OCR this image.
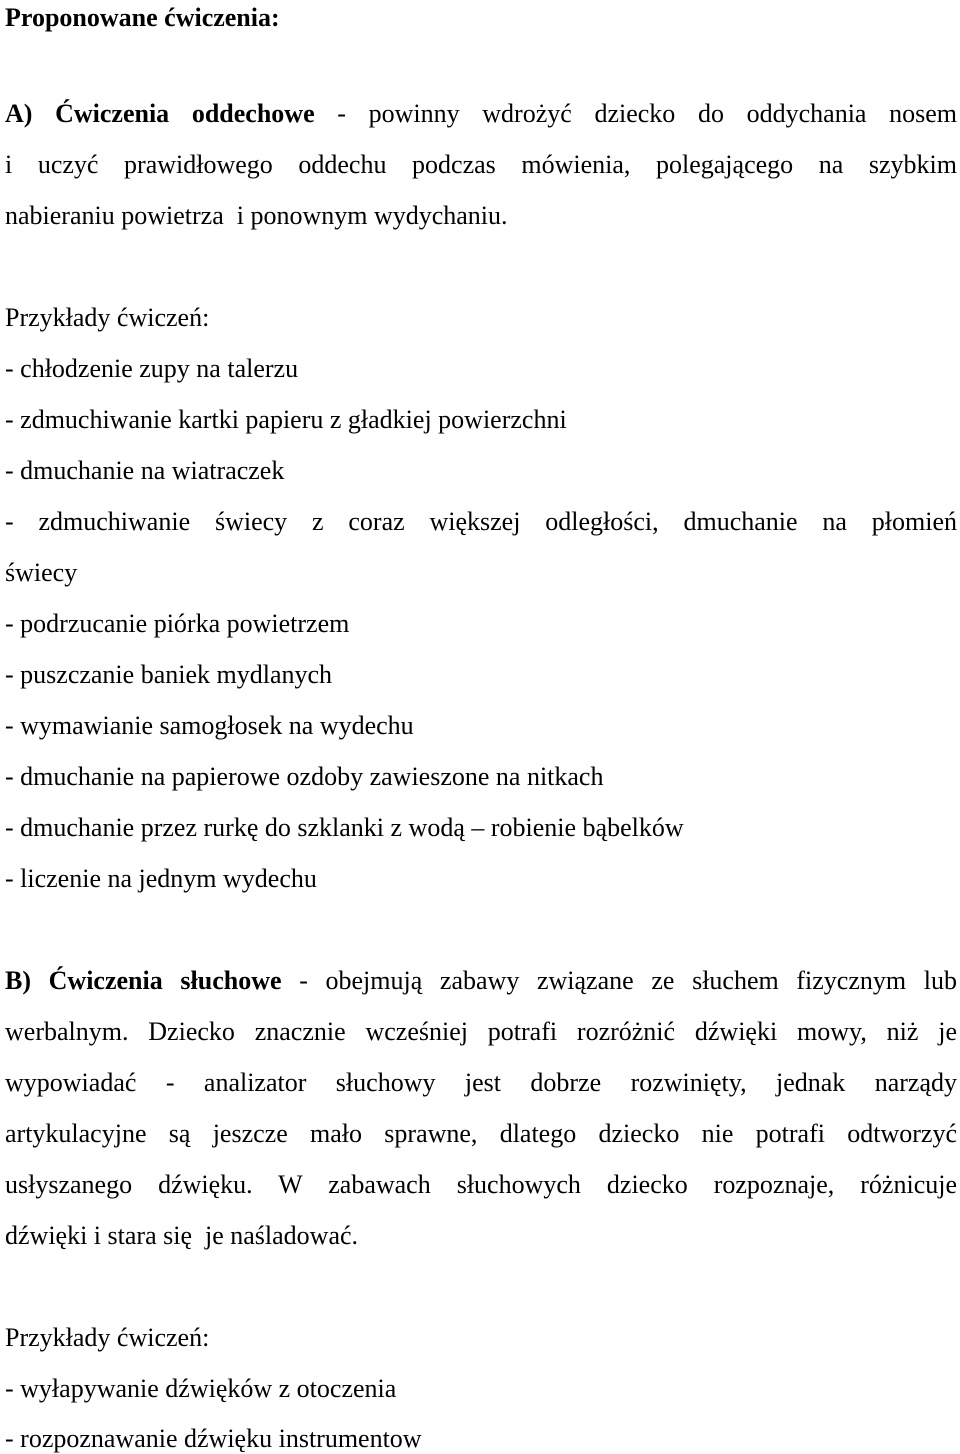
Proponowane ćwiczenia:
A) Ćwiczenia oddechowe - powinny wdrożyć dziecko do oddychania nosem
i uczyć prawidłowego oddechu podczas mówienia, polegającego na szybkim
nabieraniu powietrza  i ponownym wydychaniu.
Przykłady ćwiczeń:
- chłodzenie zupy na talerzu
- zdmuchiwanie kartki papieru z gładkiej powierzchni
- dmuchanie na wiatraczek
- zdmuchiwanie świecy z coraz większej odległości, dmuchanie na płomień
świecy
- podrzucanie piórka powietrzem
- puszczanie baniek mydlanych
- wymawianie samogłosek na wydechu
- dmuchanie na papierowe ozdoby zawieszone na nitkach
- dmuchanie przez rurkę do szklanki z wodą – robienie bąbelków
- liczenie na jednym wydechu
B) Ćwiczenia słuchowe - obejmują zabawy związane ze słuchem fizycznym lub
werbalnym. Dziecko znacznie wcześniej potrafi rozróżnić dźwięki mowy, niż je
wypowiadać - analizator słuchowy jest dobrze rozwinięty, jednak narządy
artykulacyjne są jeszcze mało sprawne, dlatego dziecko nie potrafi odtworzyć
usłyszanego dźwięku. W zabawach słuchowych dziecko rozpoznaje, różnicuje
dźwięki i stara się  je naśladować.
Przykłady ćwiczeń:
- wyłapywanie dźwięków z otoczenia
- rozpoznawanie dźwięku instrumentow
